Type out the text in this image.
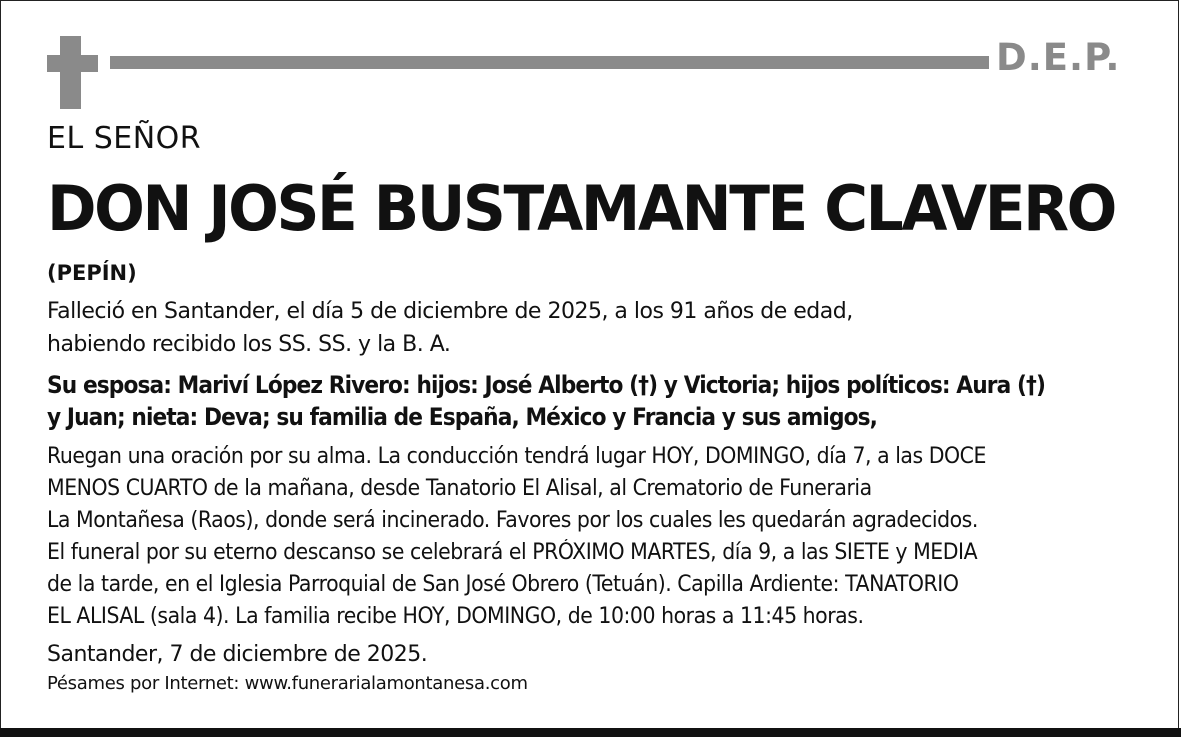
D.E.P.
EL SEÑOR
DON JOSÉ BUSTAMANTE CLAVERO
(PEPÍN)
Falleció en Santander, el día 5 de diciembre de 2025, a los 91 años de edad,
habiendo recibido los SS. SS. y la B. A.
Su esposa: Mariví López Rivero: hijos: José Alberto (†) y Victoria; hijos políticos: Aura (†)
y Juan; nieta: Deva; su familia de España, México y Francia y sus amigos,
Ruegan una oración por su alma. La conducción tendrá lugar HOY, DOMINGO, día 7, a las DOCE
MENOS CUARTO de la mañana, desde Tanatorio El Alisal, al Crematorio de Funeraria
La Montañesa (Raos), donde será incinerado. Favores por los cuales les quedarán agradecidos.
El funeral por su eterno descanso se celebrará el PRÓXIMO MARTES, día 9, a las SIETE y MEDIA
de la tarde, en el Iglesia Parroquial de San José Obrero (Tetuán). Capilla Ardiente: TANATORIO
EL ALISAL (sala 4). La familia recibe HOY, DOMINGO, de 10:00 horas a 11:45 horas.
Santander, 7 de diciembre de 2025.
Pésames por Internet: www.funerarialamontanesa.com
